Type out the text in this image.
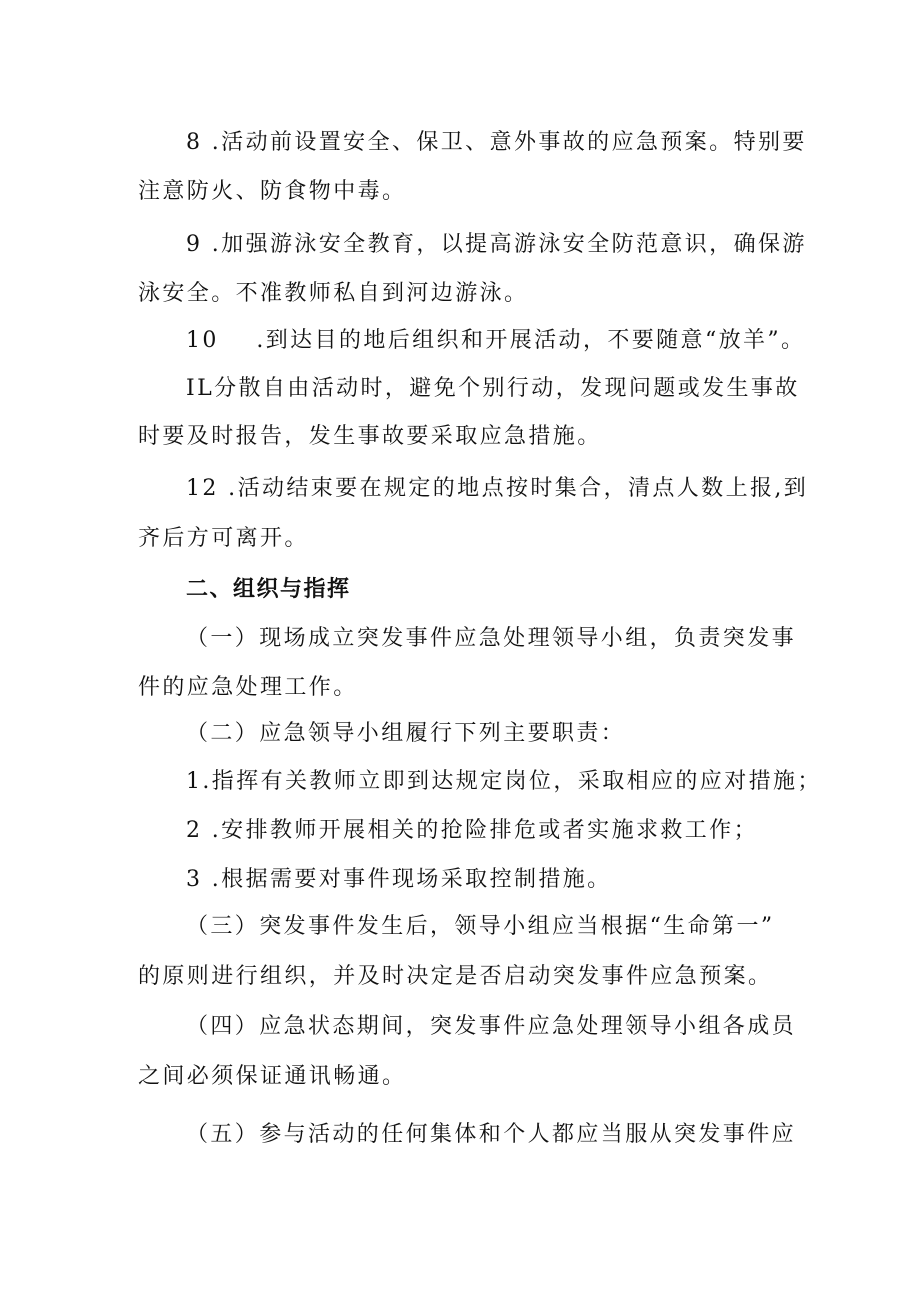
8 .活动前设置安全、保卫、意外事故的应急预案。特别要
注意防火、防食物中毒。
9 .加强游泳安全教育，以提高游泳安全防范意识，确保游
泳安全。不准教师私自到河边游泳。
10    .到达目的地后组织和开展活动，不要随意“放羊”。
IL分散自由活动时，避免个别行动，发现问题或发生事故
时要及时报告，发生事故要采取应急措施。
12 .活动结束要在规定的地点按时集合，清点人数上报,到
齐后方可离开。
二、组织与指挥
（一）现场成立突发事件应急处理领导小组，负责突发事
件的应急处理工作。
（二）应急领导小组履行下列主要职责：
1.指挥有关教师立即到达规定岗位，采取相应的应对措施；
2 .安排教师开展相关的抢险排危或者实施求救工作；
3 .根据需要对事件现场采取控制措施。
（三）突发事件发生后，领导小组应当根据“生命第一”
的原则进行组织，并及时决定是否启动突发事件应急预案。
（四）应急状态期间，突发事件应急处理领导小组各成员
之间必须保证通讯畅通。
（五）参与活动的任何集体和个人都应当服从突发事件应
